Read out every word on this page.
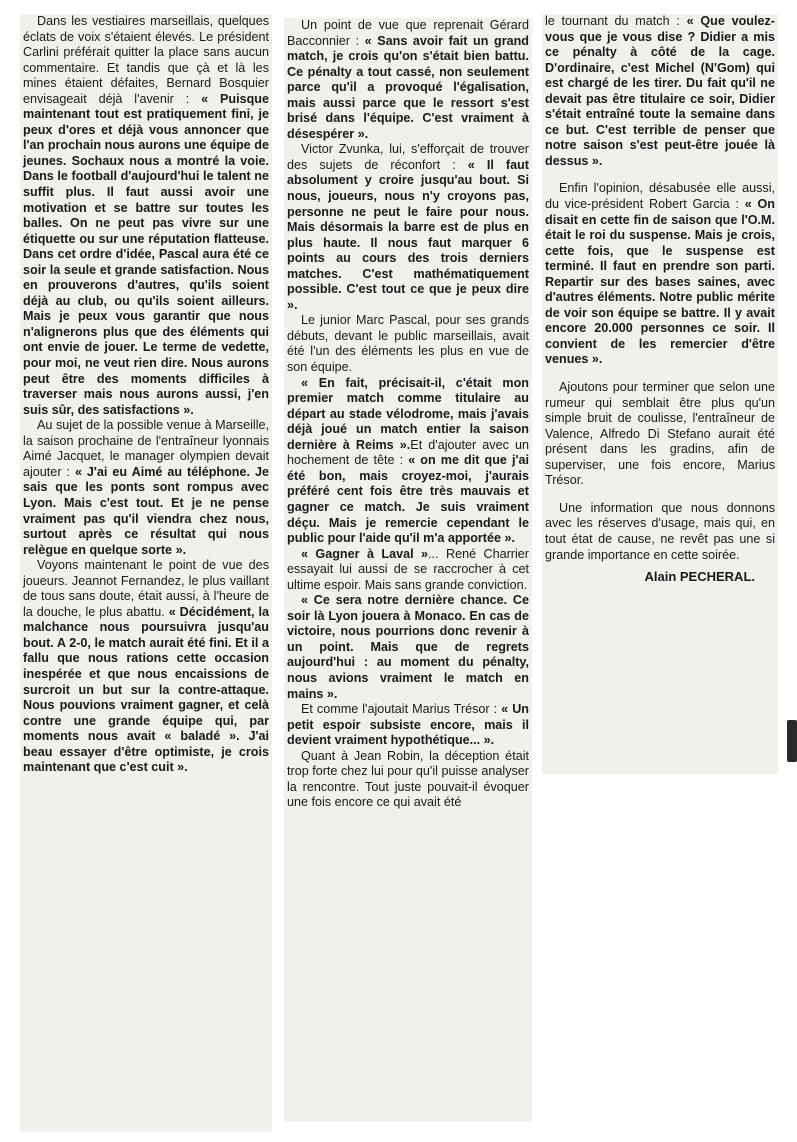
Dans les vestiaires marseillais, quelques éclats de voix s'étaient élevés. Le président Carlini préférait quitter la place sans aucun commentaire. Et tandis que çà et là les mines étaient défaites, Bernard Bosquier envisageait déjà l'avenir : « Puisque maintenant tout est pratiquement fini, je peux d'ores et déjà vous annoncer que l'an prochain nous aurons une équipe de jeunes. Sochaux nous a montré la voie. Dans le football d'aujourd'hui le talent ne suffit plus. Il faut aussi avoir une motivation et se battre sur toutes les balles. On ne peut pas vivre sur une étiquette ou sur une réputation flatteuse. Dans cet ordre d'idée, Pascal aura été ce soir la seule et grande satisfaction. Nous en prouverons d'autres, qu'ils soient déjà au club, ou qu'ils soient ailleurs. Mais je peux vous garantir que nous n'alignerons plus que des éléments qui ont envie de jouer. Le terme de vedette, pour moi, ne veut rien dire. Nous aurons peut être des moments difficiles à traverser mais nous aurons aussi, j'en suis sûr, des satisfactions ».

Au sujet de la possible venue à Marseille, la saison prochaine de l'entraîneur lyonnais Aimé Jacquet, le manager olympien devait ajouter : « J'ai eu Aimé au téléphone. Je sais que les ponts sont rompus avec Lyon. Mais c'est tout. Et je ne pense vraiment pas qu'il viendra chez nous, surtout après ce résultat qui nous relègue en quelque sorte ».

Voyons maintenant le point de vue des joueurs. Jeannot Fernandez, le plus vaillant de tous sans doute, était aussi, à l'heure de la douche, le plus abattu. « Décidément, la malchance nous poursuivra jusqu'au bout. A 2-0, le match aurait été fini. Et il a fallu que nous rations cette occasion inespérée et que nous encaissions de surcroit un but sur la contre-attaque. Nous pouvions vraiment gagner, et celà contre une grande équipe qui, par moments nous avait « baladé ». J'ai beau essayer d'être optimiste, je crois maintenant que c'est cuit ».

Un point de vue que reprenait Gérard Bacconnier : « Sans avoir fait un grand match, je crois qu'on s'était bien battu. Ce pénalty a tout cassé, non seulement parce qu'il a provoqué l'égalisation, mais aussi parce que le ressort s'est brisé dans l'équipe. C'est vraiment à désespérer ».

Victor Zvunka, lui, s'efforçait de trouver des sujets de réconfort : « Il faut absolument y croire jusqu'au bout. Si nous, joueurs, nous n'y croyons pas, personne ne peut le faire pour nous. Mais désormais la barre est de plus en plus haute. Il nous faut marquer 6 points au cours des trois derniers matches. C'est mathématiquement possible. C'est tout ce que je peux dire ».

Le junior Marc Pascal, pour ses grands débuts, devant le public marseillais, avait été l'un des éléments les plus en vue de son équipe.

« En fait, précisait-il, c'était mon premier match comme titulaire au départ au stade vélodrome, mais j'avais déjà joué un match entier la saison dernière à Reims ».Et d'ajouter avec un hochement de tête : « on me dit que j'ai été bon, mais croyez-moi, j'aurais préféré cent fois être très mauvais et gagner ce match. Je suis vraiment déçu. Mais je remercie cependant le public pour l'aide qu'il m'a apportée ».

« Gagner à Laval »... René Charrier essayait lui aussi de se raccrocher à cet ultime espoir. Mais sans grande conviction.

« Ce sera notre dernière chance. Ce soir là Lyon jouera à Monaco. En cas de victoire, nous pourrions donc revenir à un point. Mais que de regrets aujourd'hui : au moment du pénalty, nous avions vraiment le match en mains ».

Et comme l'ajoutait Marius Trésor : « Un petit espoir subsiste encore, mais il devient vraiment hypothétique... ».

Quant à Jean Robin, la déception était trop forte chez lui pour qu'il puisse analyser la rencontre. Tout juste pouvait-il évoquer une fois encore ce qui avait été

le tournant du match : « Que voulez-vous que je vous dise ? Didier a mis ce pénalty à côté de la cage. D'ordinaire, c'est Michel (N'Gom) qui est chargé de les tirer. Du fait qu'il ne devait pas être titulaire ce soir, Didier s'était entraîné toute la semaine dans ce but. C'est terrible de penser que notre saison s'est peut-être jouée là dessus ».

Enfin l'opinion, désabusée elle aussi, du vice-président Robert Garcia : « On disait en cette fin de saison que l'O.M. était le roi du suspense. Mais je crois, cette fois, que le suspense est terminé. Il faut en prendre son parti. Repartir sur des bases saines, avec d'autres éléments. Notre public mérite de voir son équipe se battre. Il y avait encore 20.000 personnes ce soir. Il convient de les remercier d'être venues ».

Ajoutons pour terminer que selon une rumeur qui semblait être plus qu'un simple bruit de coulisse, l'entraîneur de Valence, Alfredo Di Stefano aurait été présent dans les gradins, afin de superviser, une fois encore, Marius Trésor.

Une information que nous donnons avec les réserves d'usage, mais qui, en tout état de cause, ne revêt pas une si grande importance en cette soirée.

Alain PECHERAL.
